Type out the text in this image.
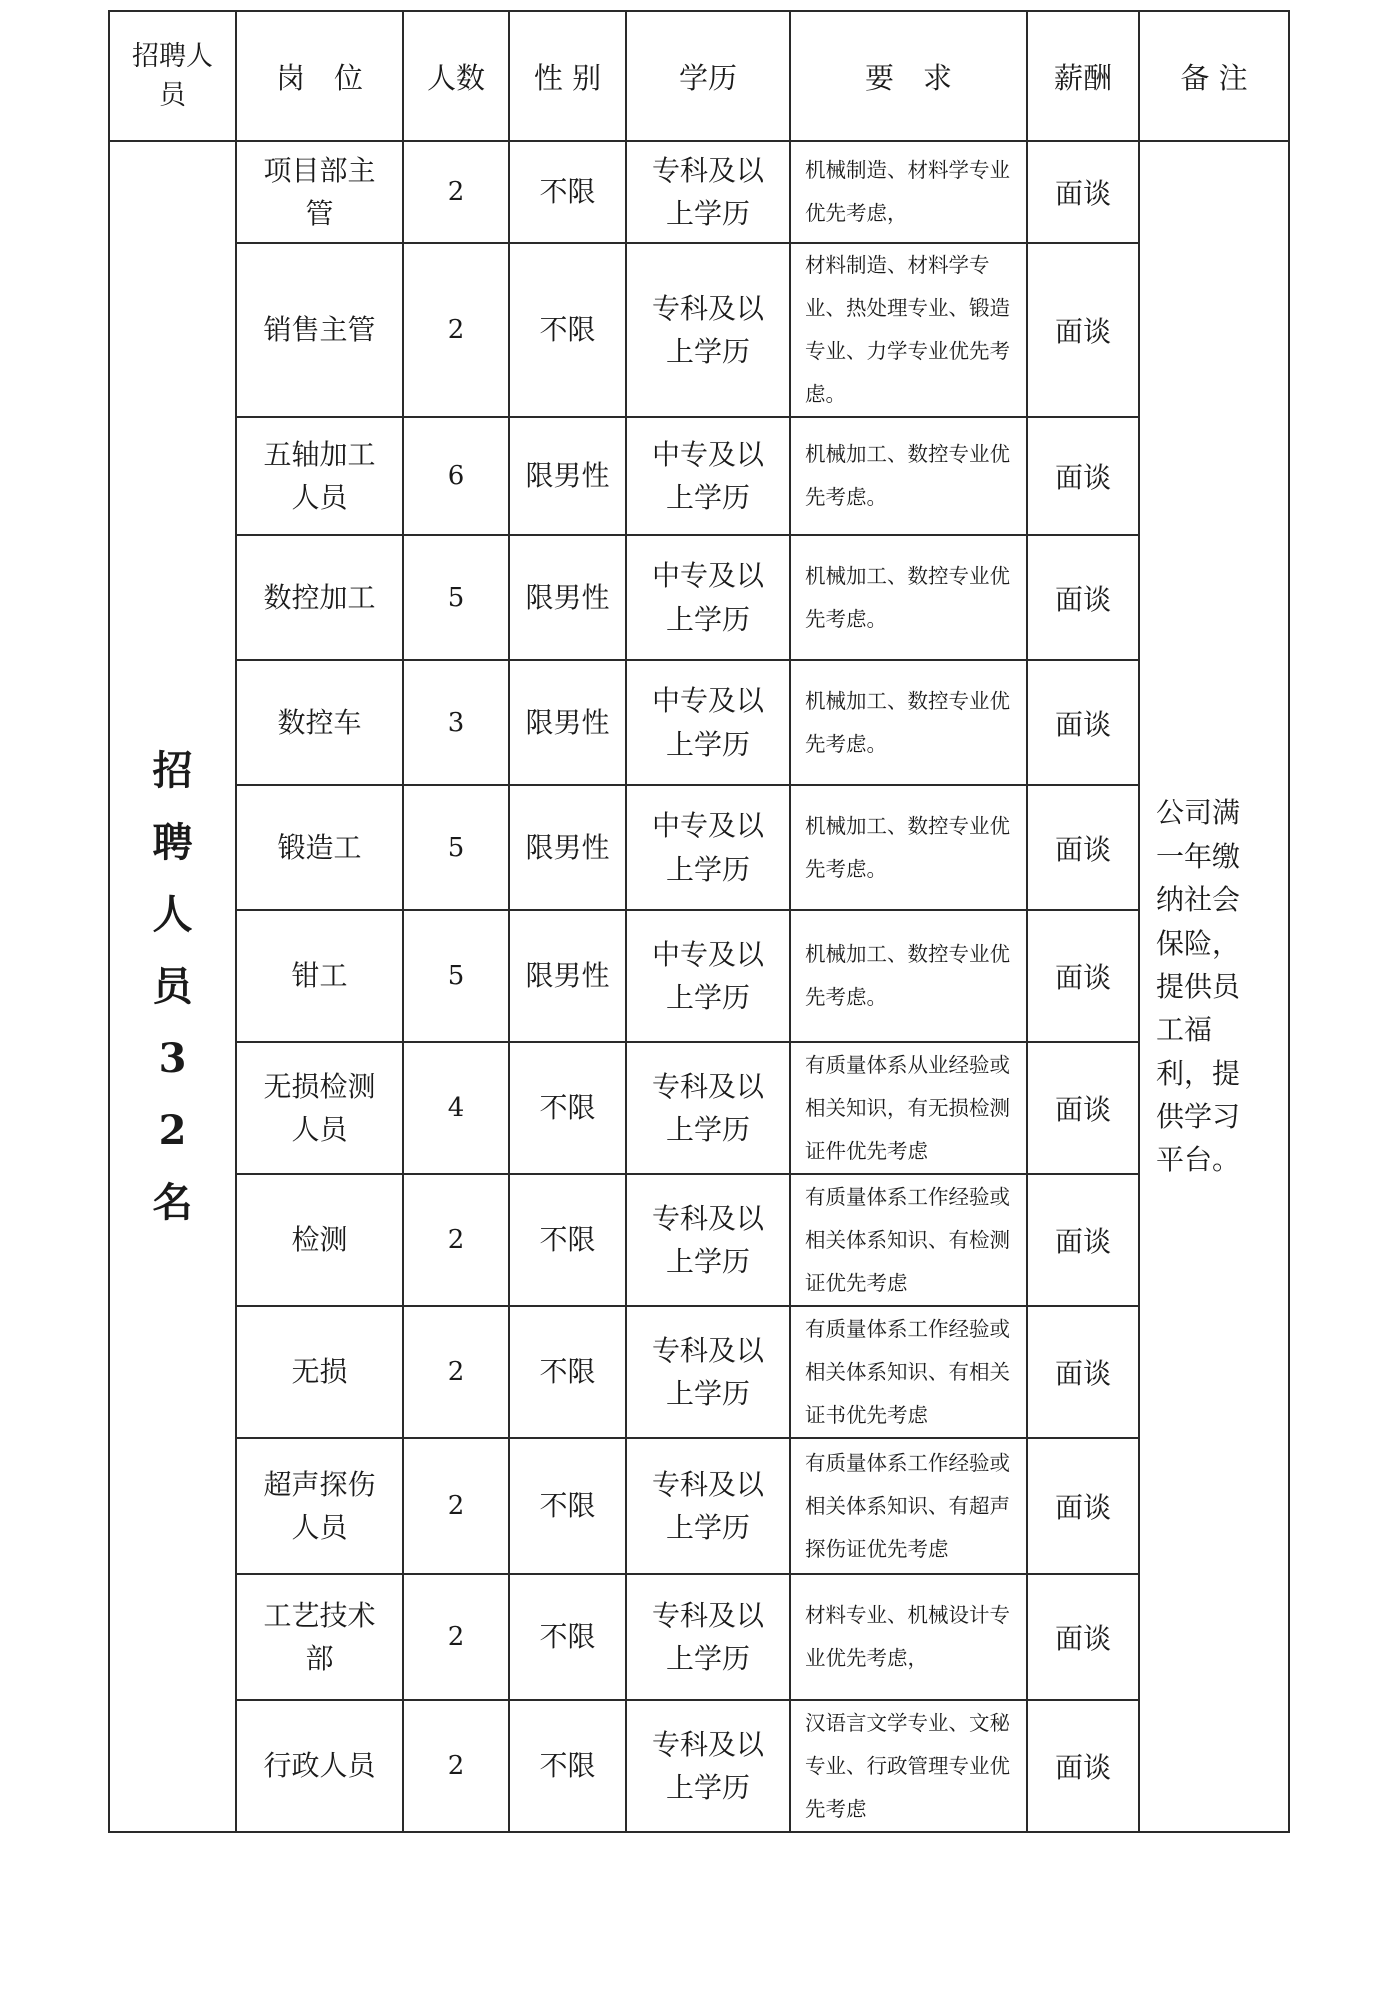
招聘人员	岗　位	人数	性 别	学历	要　求	薪酬	备 注
招聘人员32名	项目部主管	2	不限	专科及以上学历	机械制造、材料学专业优先考虑，	面谈	公司满一年缴纳社会保险，提供员工福利，提供学习平台。
	销售主管	2	不限	专科及以上学历	材料制造、材料学专业、热处理专业、锻造专业、力学专业优先考虑。	面谈	
	五轴加工人员	6	限男性	中专及以上学历	机械加工、数控专业优先考虑。	面谈	
	数控加工	5	限男性	中专及以上学历	机械加工、数控专业优先考虑。	面谈	
	数控车	3	限男性	中专及以上学历	机械加工、数控专业优先考虑。	面谈	
	锻造工	5	限男性	中专及以上学历	机械加工、数控专业优先考虑。	面谈	
	钳工	5	限男性	中专及以上学历	机械加工、数控专业优先考虑。	面谈	
	无损检测人员	4	不限	专科及以上学历	有质量体系从业经验或相关知识，有无损检测证件优先考虑	面谈	
	检测	2	不限	专科及以上学历	有质量体系工作经验或相关体系知识、有检测证优先考虑	面谈	
	无损	2	不限	专科及以上学历	有质量体系工作经验或相关体系知识、有相关证书优先考虑	面谈	
	超声探伤人员	2	不限	专科及以上学历	有质量体系工作经验或相关体系知识、有超声探伤证优先考虑	面谈	
	工艺技术部	2	不限	专科及以上学历	材料专业、机械设计专业优先考虑，	面谈	
	行政人员	2	不限	专科及以上学历	汉语言文学专业、文秘专业、行政管理专业优先考虑	面谈	
